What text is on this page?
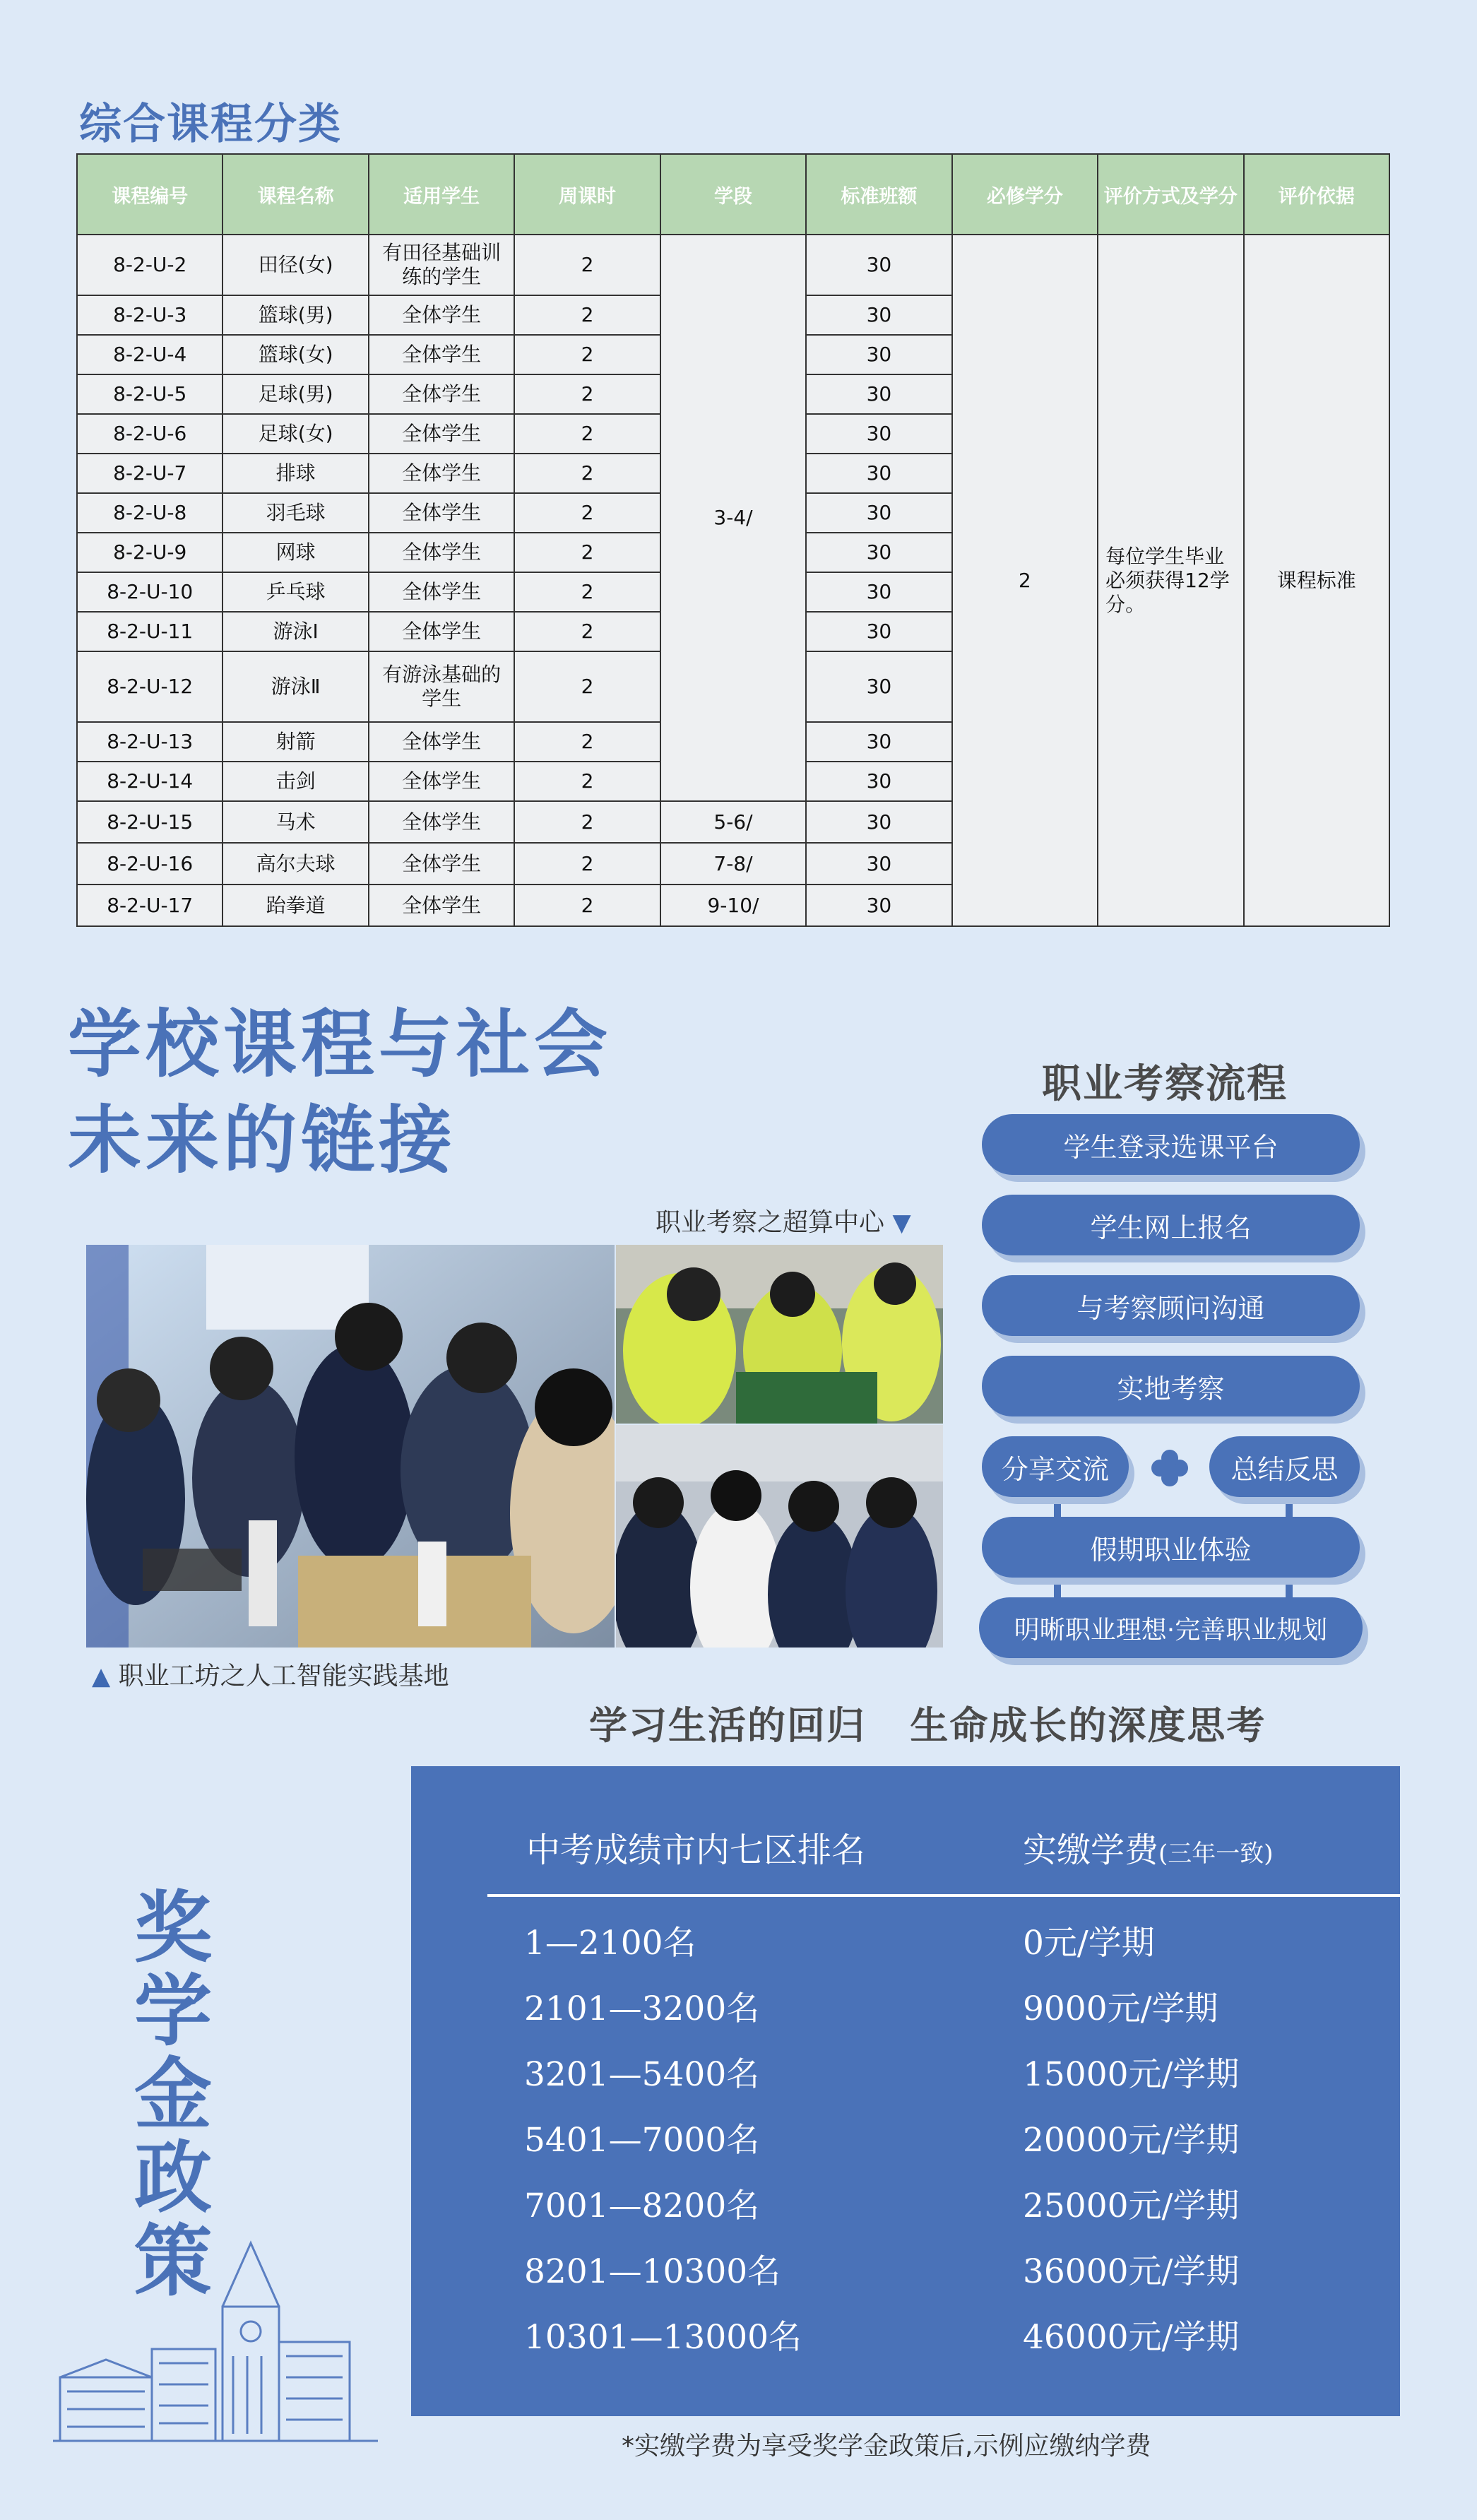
综合课程分类
课程编号	课程名称	适用学生	周课时	学段	标准班额	必修学分	评价方式及学分	评价依据
8-2-U-2	田径(女)	有田径基础训练的学生	2	3-4/	30	2	每位学生毕业必须获得12学分。	课程标准
8-2-U-3	篮球(男)	全体学生	2		30			
8-2-U-4	篮球(女)	全体学生	2		30			
8-2-U-5	足球(男)	全体学生	2		30			
8-2-U-6	足球(女)	全体学生	2		30			
8-2-U-7	排球	全体学生	2		30			
8-2-U-8	羽毛球	全体学生	2		30			
8-2-U-9	网球	全体学生	2		30			
8-2-U-10	乒乓球	全体学生	2		30			
8-2-U-11	游泳Ⅰ	全体学生	2		30			
8-2-U-12	游泳Ⅱ	有游泳基础的学生	2		30			
8-2-U-13	射箭	全体学生	2		30			
8-2-U-14	击剑	全体学生	2		30			
8-2-U-15	马术	全体学生	2	5-6/	30			
8-2-U-16	高尔夫球	全体学生	2	7-8/	30			
8-2-U-17	跆拳道	全体学生	2	9-10/	30			
学校课程与社会
未来的链接
职业考察之超算中心 ▼
▲ 职业工坊之人工智能实践基地
职业考察流程
学生登录选课平台
学生网上报名
与考察顾问沟通
实地考察
分享交流	总结反思
假期职业体验
明晰职业理想·完善职业规划
学习生活的回归   生命成长的深度思考
奖学金政策
中考成绩市内七区排名	实缴学费(三年一致)
1—2100名	0元/学期
2101—3200名	9000元/学期
3201—5400名	15000元/学期
5401—7000名	20000元/学期
7001—8200名	25000元/学期
8201—10300名	36000元/学期
10301—13000名	46000元/学期
*实缴学费为享受奖学金政策后,示例应缴纳学费
